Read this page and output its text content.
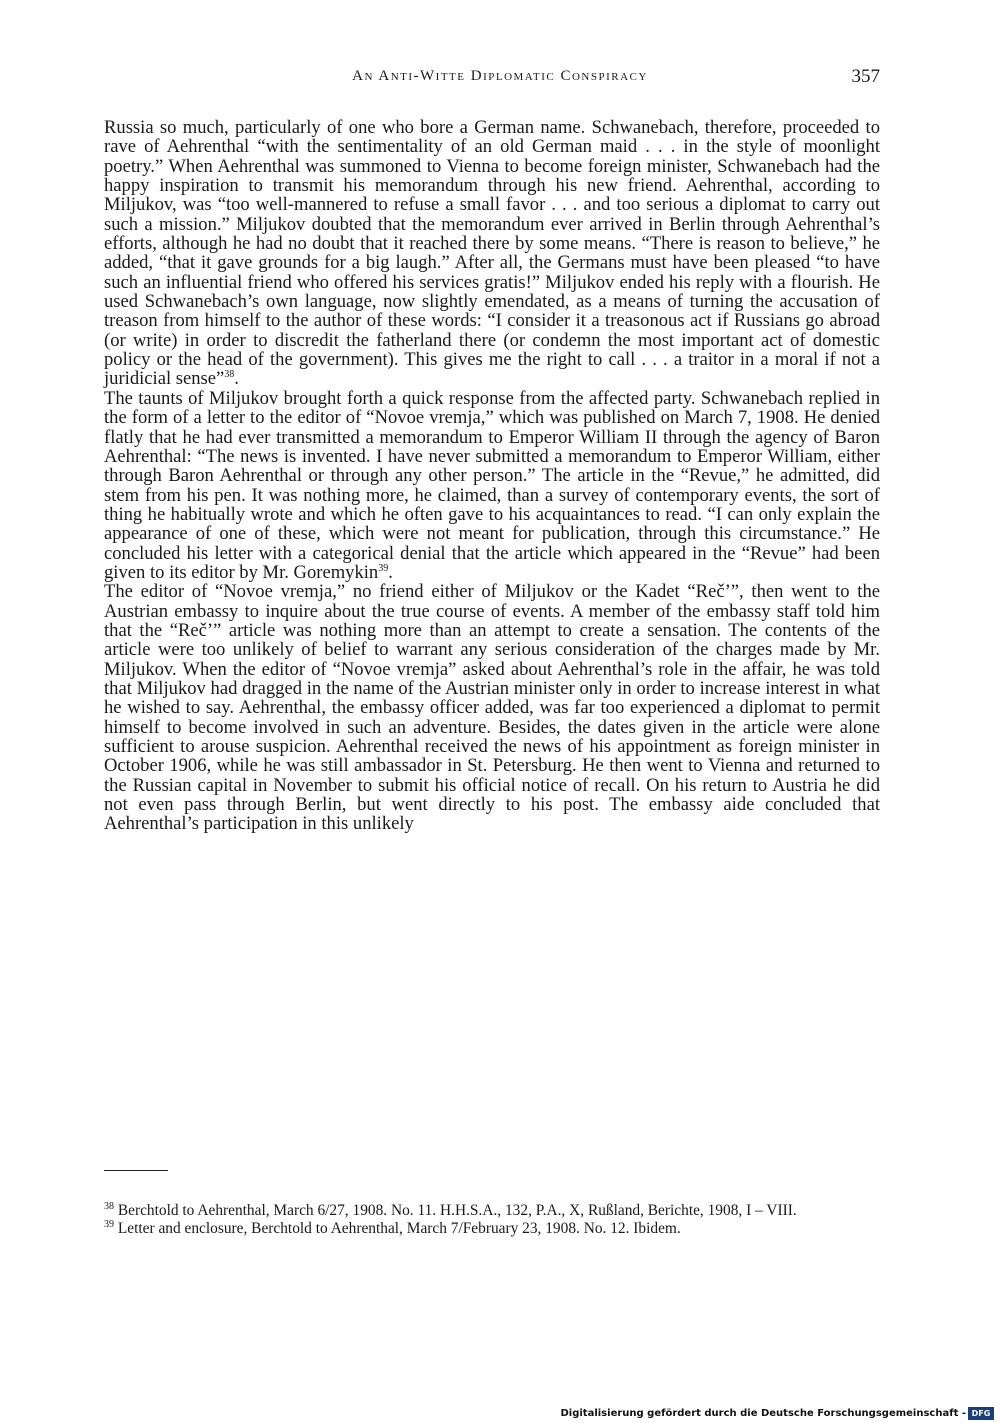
An Anti-Witte Diplomatic Conspiracy	357

Russia so much, particularly of one who bore a German name. Schwanebach, therefore, proceeded to rave of Aehrenthal “with the sentimentality of an old German maid . . . in the style of moonlight poetry.” When Aehrenthal was summoned to Vienna to become foreign minister, Schwanebach had the happy inspiration to transmit his memorandum through his new friend. Aehrenthal, according to Miljukov, was “too well-mannered to refuse a small favor . . . and too serious a diplomat to carry out such a mission.” Miljukov doubted that the memorandum ever arrived in Berlin through Aehrenthal’s efforts, although he had no doubt that it reached there by some means. “There is reason to believe,” he added, “that it gave grounds for a big laugh.” After all, the Germans must have been pleased “to have such an influential friend who offered his services gratis!” Miljukov ended his reply with a flourish. He used Schwanebach’s own language, now slightly emendated, as a means of turning the accusation of treason from himself to the author of these words: “I consider it a treasonous act if Russians go abroad (or write) in order to discredit the fatherland there (or condemn the most important act of domestic policy or the head of the government). This gives me the right to call . . . a traitor in a moral if not a juridicial sense”$^{38}$.

The taunts of Miljukov brought forth a quick response from the affected party. Schwanebach replied in the form of a letter to the editor of “Novoe vremja,” which was published on March 7, 1908. He denied flatly that he had ever transmitted a memorandum to Emperor William II through the agency of Baron Aehrenthal: “The news is invented. I have never submitted a memorandum to Emperor William, either through Baron Aehrenthal or through any other person.” The article in the “Revue,” he admitted, did stem from his pen. It was nothing more, he claimed, than a survey of contemporary events, the sort of thing he habitually wrote and which he often gave to his acquaintances to read. “I can only explain the appearance of one of these, which were not meant for publication, through this circumstance.” He concluded his letter with a categorical denial that the article which appeared in the “Revue” had been given to its editor by Mr. Goremykin$^{39}$.

The editor of “Novoe vremja,” no friend either of Miljukov or the Kadet “Reč’”, then went to the Austrian embassy to inquire about the true course of events. A member of the embassy staff told him that the “Reč’” article was nothing more than an attempt to create a sensation. The contents of the article were too unlikely of belief to warrant any serious consideration of the charges made by Mr. Miljukov. When the editor of “Novoe vremja” asked about Aehrenthal’s role in the affair, he was told that Miljukov had dragged in the name of the Austrian minister only in order to increase interest in what he wished to say. Aehrenthal, the embassy officer added, was far too experienced a diplomat to permit himself to become involved in such an adventure. Besides, the dates given in the article were alone sufficient to arouse suspicion. Aehrenthal received the news of his appointment as foreign minister in October 1906, while he was still ambassador in St. Petersburg. He then went to Vienna and returned to the Russian capital in November to submit his official notice of recall. On his return to Austria he did not even pass through Berlin, but went directly to his post. The embassy aide concluded that Aehrenthal’s participation in this unlikely

$^{38}$ Berchtold to Aehrenthal, March 6/27, 1908. No. 11. H.H.S.A., 132, P.A., X, Rußland, Berichte, 1908, I – VIII.

$^{39}$ Letter and enclosure, Berchtold to Aehrenthal, March 7/February 23, 1908. No. 12. Ibidem.

Digitalisierung gefördert durch die Deutsche Forschungsgemeinschaft - DFG
